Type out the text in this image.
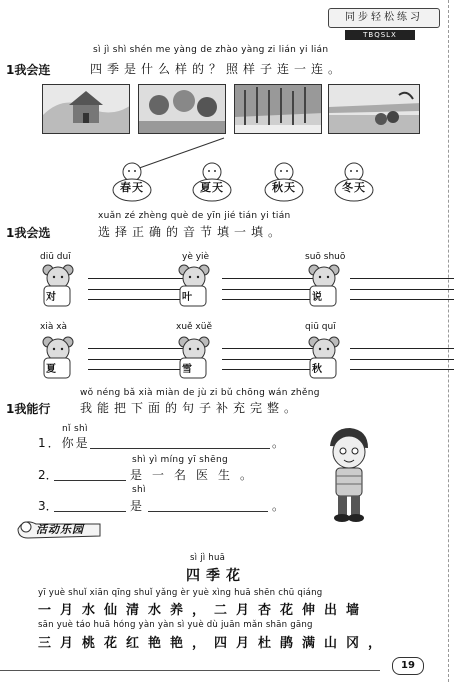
同步轻松练习
TBQSLX
sì jì shì shén me yàng de zhào yàng zi lián yi lián
1我会连	四季是什么样的？照样子连一连。
春天	夏天	秋天	冬天
xuǎn zé zhèng què de yīn jié tián yi tián
1我会选	选择正确的音节填一填。
diū duī
对
yè yiè
叶
suō shuō
说
xià xà
夏
xuě xüě
雪
qiū quī
秋
wǒ néng bǎ xià miàn de jù zi bǔ chōng wán zhěng
1我能行 我能把下面的句子补充完整。
nǐ shì
1．你是	。
shì yì míng yī shēng
2．	是一名医生。
shì
3．	是	。
活动乐园
sì jì huā
四季花
yī yuè shuǐ xiān qīng shuǐ yǎng èr yuè xìng huā shēn chū qiáng
一月水仙清水养，二月杏花伸出墙
sān yuè táo huā hóng yàn yàn sì yuè dù juān mǎn shān gāng
三月桃花红艳艳，四月杜鹃满山冈，
19
